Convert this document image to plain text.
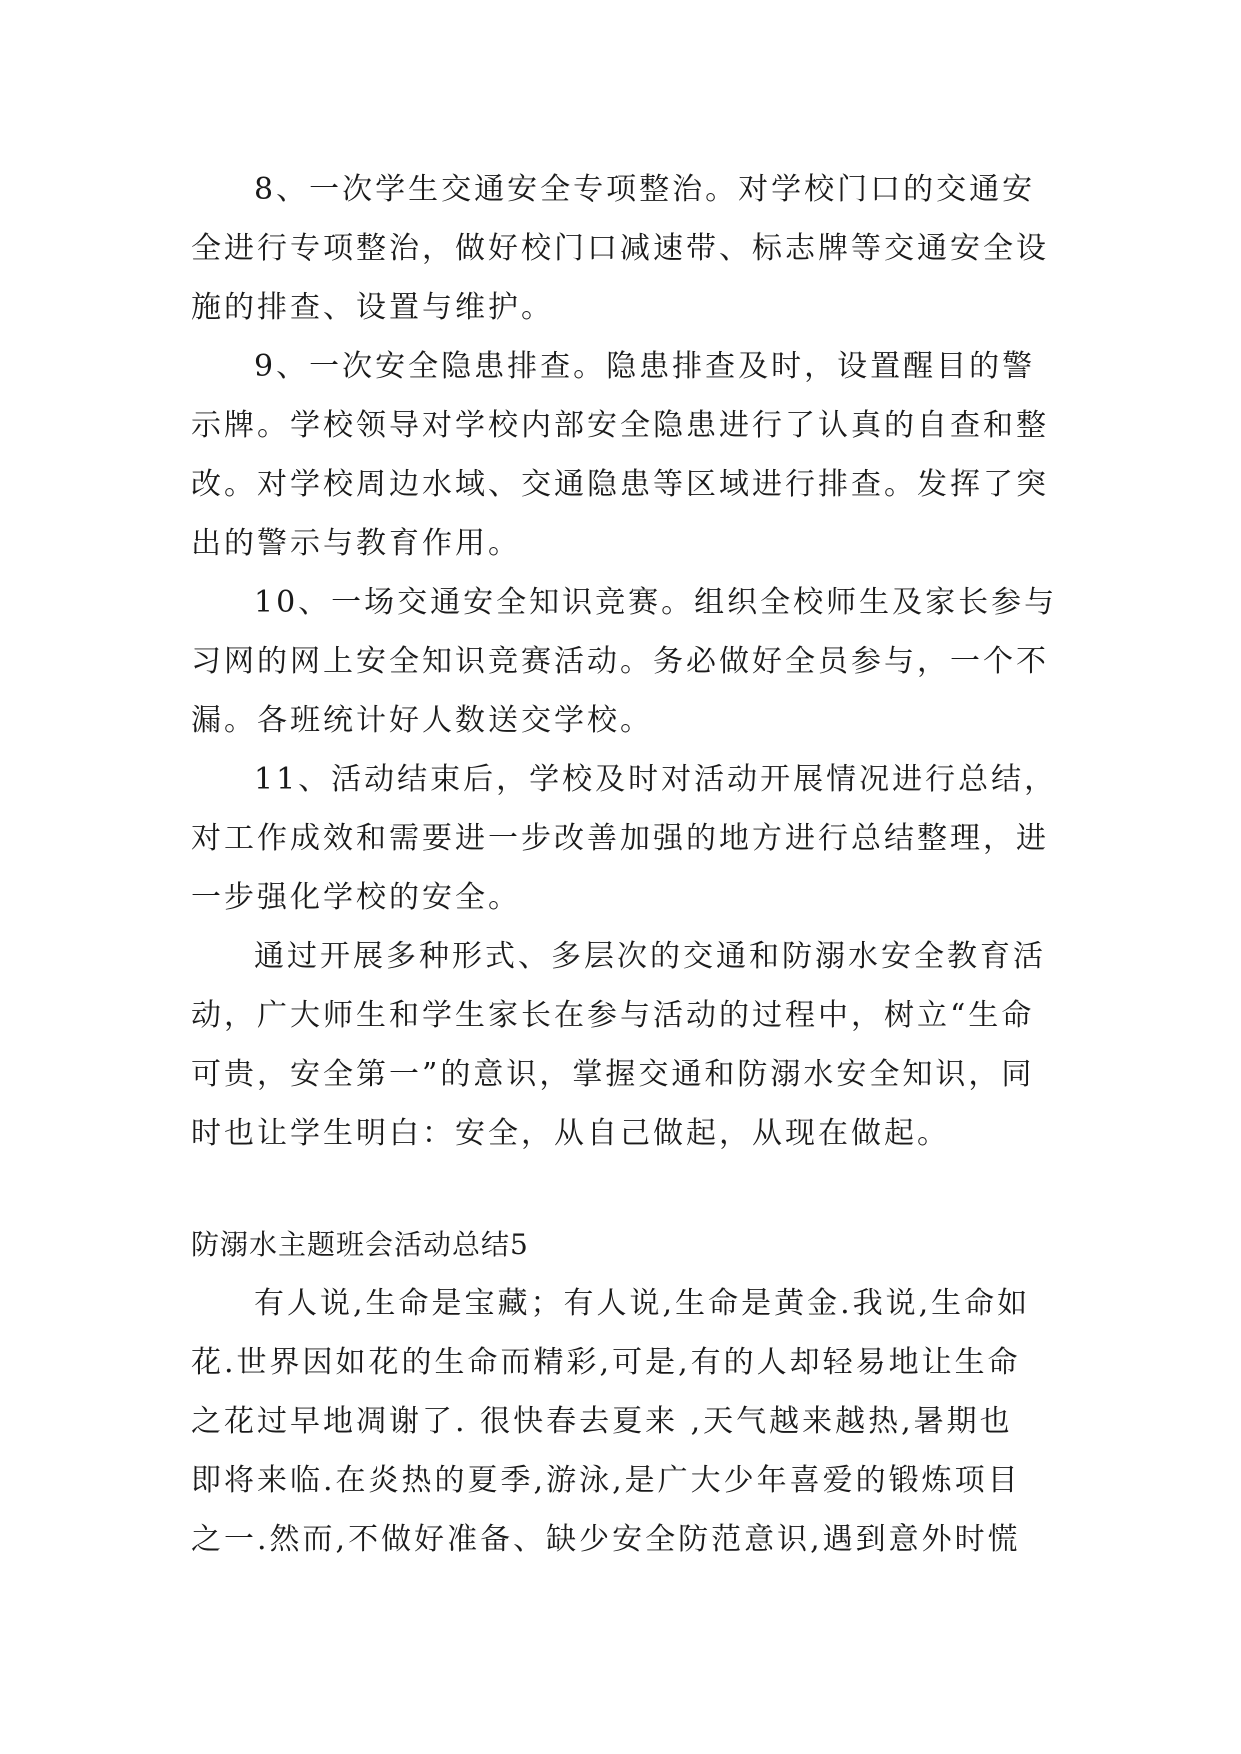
8、一次学生交通安全专项整治。对学校门口的交通安
全进行专项整治，做好校门口减速带、标志牌等交通安全设
施的排查、设置与维护。
9、一次安全隐患排查。隐患排查及时，设置醒目的警
示牌。学校领导对学校内部安全隐患进行了认真的自查和整
改。对学校周边水域、交通隐患等区域进行排查。发挥了突
出的警示与教育作用。
10、一场交通安全知识竞赛。组织全校师生及家长参与
习网的网上安全知识竞赛活动。务必做好全员参与，一个不
漏。各班统计好人数送交学校。
11、活动结束后，学校及时对活动开展情况进行总结，
对工作成效和需要进一步改善加强的地方进行总结整理，进
一步强化学校的安全。
通过开展多种形式、多层次的交通和防溺水安全教育活
动，广大师生和学生家长在参与活动的过程中，树立“生命
可贵，安全第一”的意识，掌握交通和防溺水安全知识，同
时也让学生明白：安全，从自己做起，从现在做起。
防溺水主题班会活动总结5
有人说,生命是宝藏；有人说,生命是黄金.我说,生命如
花.世界因如花的生命而精彩,可是,有的人却轻易地让生命
之花过早地凋谢了. 很快春去夏来 ,天气越来越热,暑期也
即将来临.在炎热的夏季,游泳,是广大少年喜爱的锻炼项目
之一.然而,不做好准备、缺少安全防范意识,遇到意外时慌
